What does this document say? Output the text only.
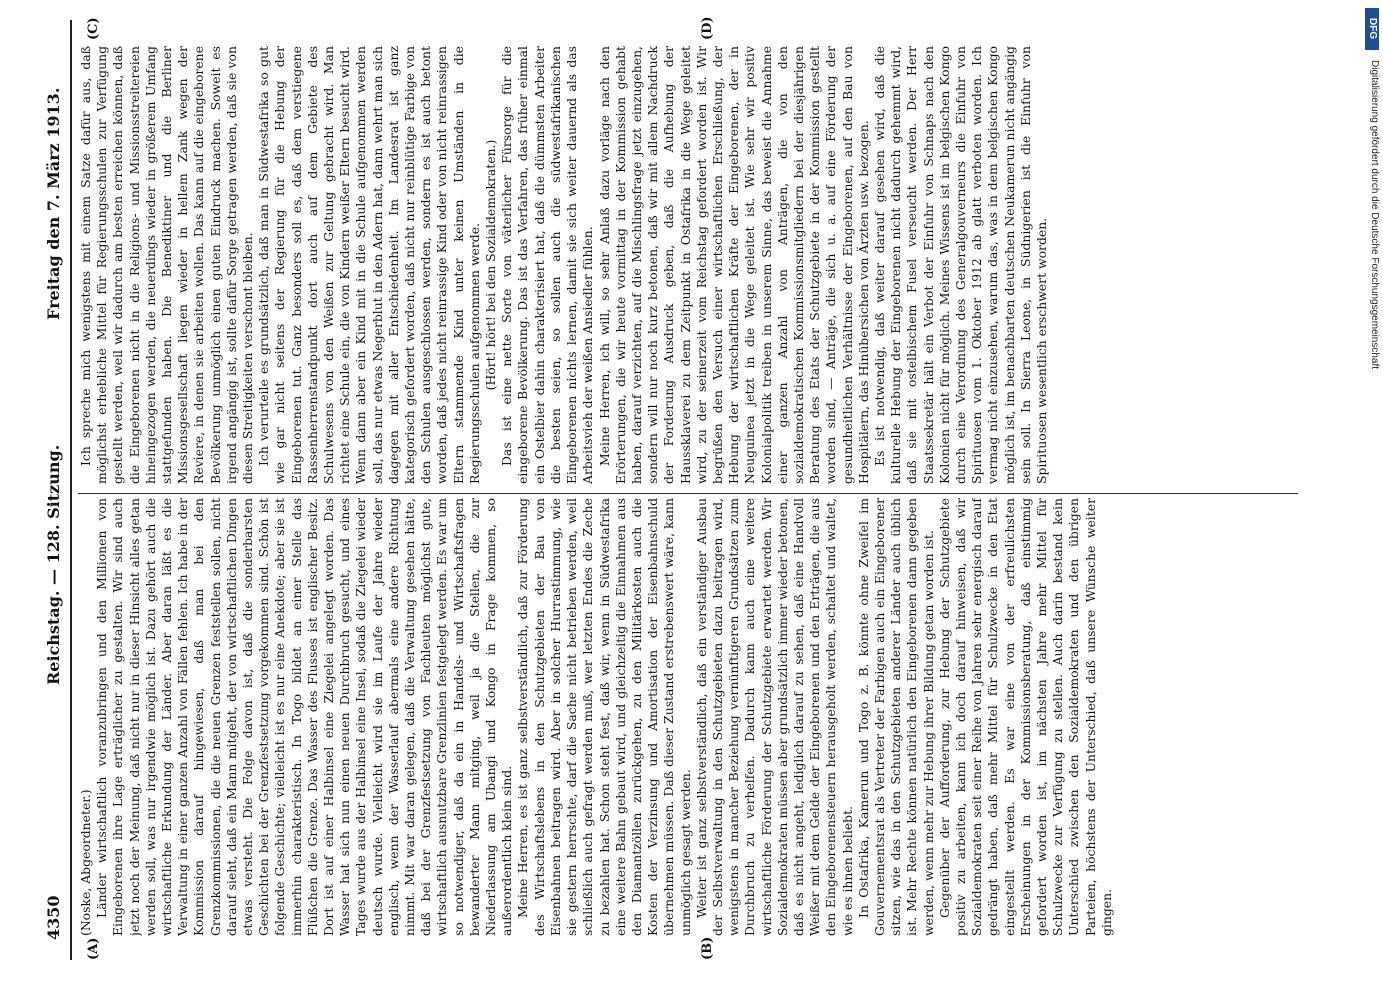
4350
Reichstag. — 128. Sitzung.
Freitag den 7. März 1913.
(A)	(B)
(C)	(D)

(Noske, Abgeordneter.) Länder wirtschaftlich voranzubringen und den Millionen von Eingeborenen ihre Lage erträglicher zu gestalten. Wir sind auch jetzt noch der Meinung, daß nicht nur in dieser Hinsicht alles getan werden soll, was nur irgendwie möglich ist. Dazu gehört auch die wirtschaftliche Erkundung der Länder. Aber daran läßt es die Verwaltung in einer ganzen Anzahl von Fällen fehlen. Ich habe in der Kommission darauf hingewiesen, daß man bei den Grenzkommissionen, die die neuen Grenzen feststellen sollen, nicht darauf sieht, daß ein Mann mitgeht, der von wirtschaftlichen Dingen etwas versteht. Die Folge davon ist, daß die sonderbarsten Geschichten bei der Grenzfestsetzung vorgekommen sind. Schön ist folgende Geschichte; vielleicht ist es nur eine Anekdote; aber sie ist immerhin charakteristisch. In Togo bildet an einer Stelle das Flüßchen die Grenze. Das Wasser des Flusses ist englischer Besitz. Dort ist auf einer Halbinsel eine Ziegelei angelegt worden. Das Wasser hat sich nun einen neuen Durchbruch gesucht, und eines Tages wurde aus der Halbinsel eine Insel, sodaß die Ziegelei wieder deutsch wurde. Vielleicht wird sie im Laufe der Jahre wieder englisch, wenn der Wasserlauf abermals eine andere Richtung nimmt. Mit war daran gelegen, daß die Verwaltung gesehen hätte, daß bei der Grenzfestsetzung von Fachleuten möglichst gute, wirtschaftlich ausnutzbare Grenzlinien festgelegt werden. Es war um so notwendiger, daß da ein in Handels- und Wirtschaftsfragen bewanderter Mann mitging, weil ja die Stellen, die zur Niederlassung am Ubangi und Kongo in Frage kommen, so außerordentlich klein sind. Meine Herren, es ist ganz selbstverständlich, daß zur Förderung des Wirtschaftslebens in den Schutzgebieten der Bau von Eisenbahnen beitragen wird. Aber in solcher Hurrastimmung, wie sie gestern herrschte, darf die Sache nicht betrieben werden, weil schließlich auch gefragt werden muß, wer letzten Endes die Zeche zu bezahlen hat. Schon steht fest, daß wir, wenn in Südwestafrika eine weitere Bahn gebaut wird, und gleichzeitig die Einnahmen aus den Diamantzöllen zurückgehen, zu den Militärkosten auch die Kosten der Verzinsung und Amortisation der Eisenbahnschuld übernehmen müssen. Daß dieser Zustand erstrebenswert wäre, kann unmöglich gesagt werden. Weiter ist ganz selbstverständlich, daß ein verständiger Ausbau der Selbstverwaltung in den Schutzgebieten dazu beitragen wird, wenigstens in mancher Beziehung vernünftigeren Grundsätzen zum Durchbruch zu verhelfen. Dadurch kann auch eine weitere wirtschaftliche Förderung der Schutzgebiete erwartet werden. Wir Sozialdemokraten müssen aber grundsätzlich immer wieder betonen, daß es nicht angeht, lediglich darauf zu sehen, daß eine Handvoll Weißer mit dem Gelde der Eingeborenen und den Erträgen, die aus den Eingeborenensteuern herausgeholt werden, schaltet und waltet, wie es ihnen beliebt. In Ostafrika, Kamerun und Togo z. B. könnte ohne Zweifel im Gouvernementsrat als Vertreter der Farbigen auch ein Eingeborener sitzen, wie das in den Schutzgebieten anderer Länder auch üblich ist. Mehr Rechte können natürlich den Eingeborenen dann gegeben werden, wenn mehr zur Hebung ihrer Bildung getan worden ist. Gegenüber der Aufforderung, zur Hebung der Schutzgebiete positiv zu arbeiten, kann ich doch darauf hinweisen, daß wir Sozialdemokraten seit einer Reihe von Jahren sehr energisch darauf gedrängt haben, daß mehr Mittel für Schulzwecke in den Etat eingestellt werden. Es war eine von der erfreulichsten Erscheinungen in der Kommissionsberatung, daß einstimmig gefordert worden ist, im nächsten Jahre mehr Mittel für Schulzwecke zur Verfügung zu stellen. Auch darin bestand kein Unterschied zwischen den Sozialdemokraten und den übrigen Parteien, höchstens der Unterschied, daß unsere Wünsche weiter gingen.

Ich spreche mich wenigstens mit einem Satze dafür aus, daß möglichst erhebliche Mittel für Regierungsschulen zur Verfügung gestellt werden, weil wir dadurch am besten erreichen können, daß die Eingeborenen nicht in die Religions- und Missionsstreitereien hineingezogen werden, die neuerdings wieder in größerem Umfang stattgefunden haben. Die Benediktiner und die Berliner Missionsgesellschaft liegen wieder in hellem Zank wegen der Reviere, in denen sie arbeiten wollen. Das kann auf die eingeborene Bevölkerung unmöglich einen guten Eindruck machen. Soweit es irgend angängig ist, sollte dafür Sorge getragen werden, daß sie von diesen Streitigkeiten verschont bleiben. Ich verurteile es grundsätzlich, daß man in Südwestafrika so gut wie gar nicht seitens der Regierung für die Hebung der Eingeborenen tut. Ganz besonders soll es, daß dem verstiegene Rassenherrenstandpunkt dort auch auf dem Gebiete des Schulwesens von den Weißen zur Geltung gebracht wird. Man richtet eine Schule ein, die von Kindern weißer Eltern besucht wird. Wenn dann aber ein Kind mit in die Schule aufgenommen werden soll, das nur etwas Negerblut in den Adern hat, dann wehrt man sich dagegen mit aller Entschiedenheit. Im Landesrat ist ganz kategorisch gefordert worden, daß nicht nur reinblütige Farbige von den Schulen ausgeschlossen werden, sondern es ist auch betont worden, daß jedes nicht reinrassige Kind oder von nicht reinrassigen Eltern stammende Kind unter keinen Umständen in die Regierungsschulen aufgenommen werde. (Hört! hört! bei den Sozialdemokraten.) Das ist eine nette Sorte von väterlicher Fürsorge für die eingeborene Bevölkerung. Das ist das Verfahren, das früher einmal ein Ostelbier dahin charakterisiert hat, daß die dümmsten Arbeiter die besten seien, so sollen auch die südwestafrikanischen Eingeborenen nichts lernen, damit sie sich weiter dauernd als das Arbeitsvieh der weißen Ansiedler fühlen. Meine Herren, ich will, so sehr Anlaß dazu vorläge nach den Erörterungen, die wir heute vormittag in der Kommission gehabt haben, darauf verzichten, auf die Mischlingsfrage jetzt einzugehen, sondern will nur noch kurz betonen, daß wir mit allem Nachdruck der Forderung Ausdruck geben, daß die Aufhebung der Haussklaverei zu dem Zeitpunkt in Ostafrika in die Wege geleitet wird, zu der seinerzeit vom Reichstag gefordert worden ist. Wir begrüßen den Versuch einer wirtschaftlichen Erschließung, der Hebung der wirtschaftlichen Kräfte der Eingeborenen, der in Neuguinea jetzt in die Wege geleitet ist. Wie sehr wir positiv Kolonialpolitik treiben in unserem Sinne, das beweist die Annahme einer ganzen Anzahl von Anträgen, die von den sozialdemokratischen Kommissionsmitgliedern bei der diesjährigen Beratung des Etats der Schutzgebiete in der Kommission gestellt worden sind, — Anträge, die sich u. a. auf eine Förderung der gesundheitlichen Verhältnisse der Eingeborenen, auf den Bau von Hospitälern, das Hinübersichen von Ärzten usw. bezogen. Es ist notwendig, daß weiter darauf gesehen wird, daß die kulturelle Hebung der Eingeborenen nicht dadurch gehemmt wird, daß sie mit ostelbischem Fusel verseucht werden. Der Herr Staatssekretär hält ein Verbot der Einfuhr von Schnaps nach den Kolonien nicht für möglich. Meines Wissens ist im belgischen Kongo durch eine Verordnung des Generalgouverneurs die Einfuhr von Spirituosen vom 1. Oktober 1912 ab glatt verboten worden. Ich vermag nicht einzusehen, warum das, was in dem belgischen Kongo möglich ist, im benachbarten deutschen Neukamerun nicht angängig sein soll. In Sierra Leone, in Südnigerien ist die Einfuhr von Spirituosen wesentlich erschwert worden.

DFG
Digitalisierung gefördert durch die Deutsche Forschungsgemeinschaft
